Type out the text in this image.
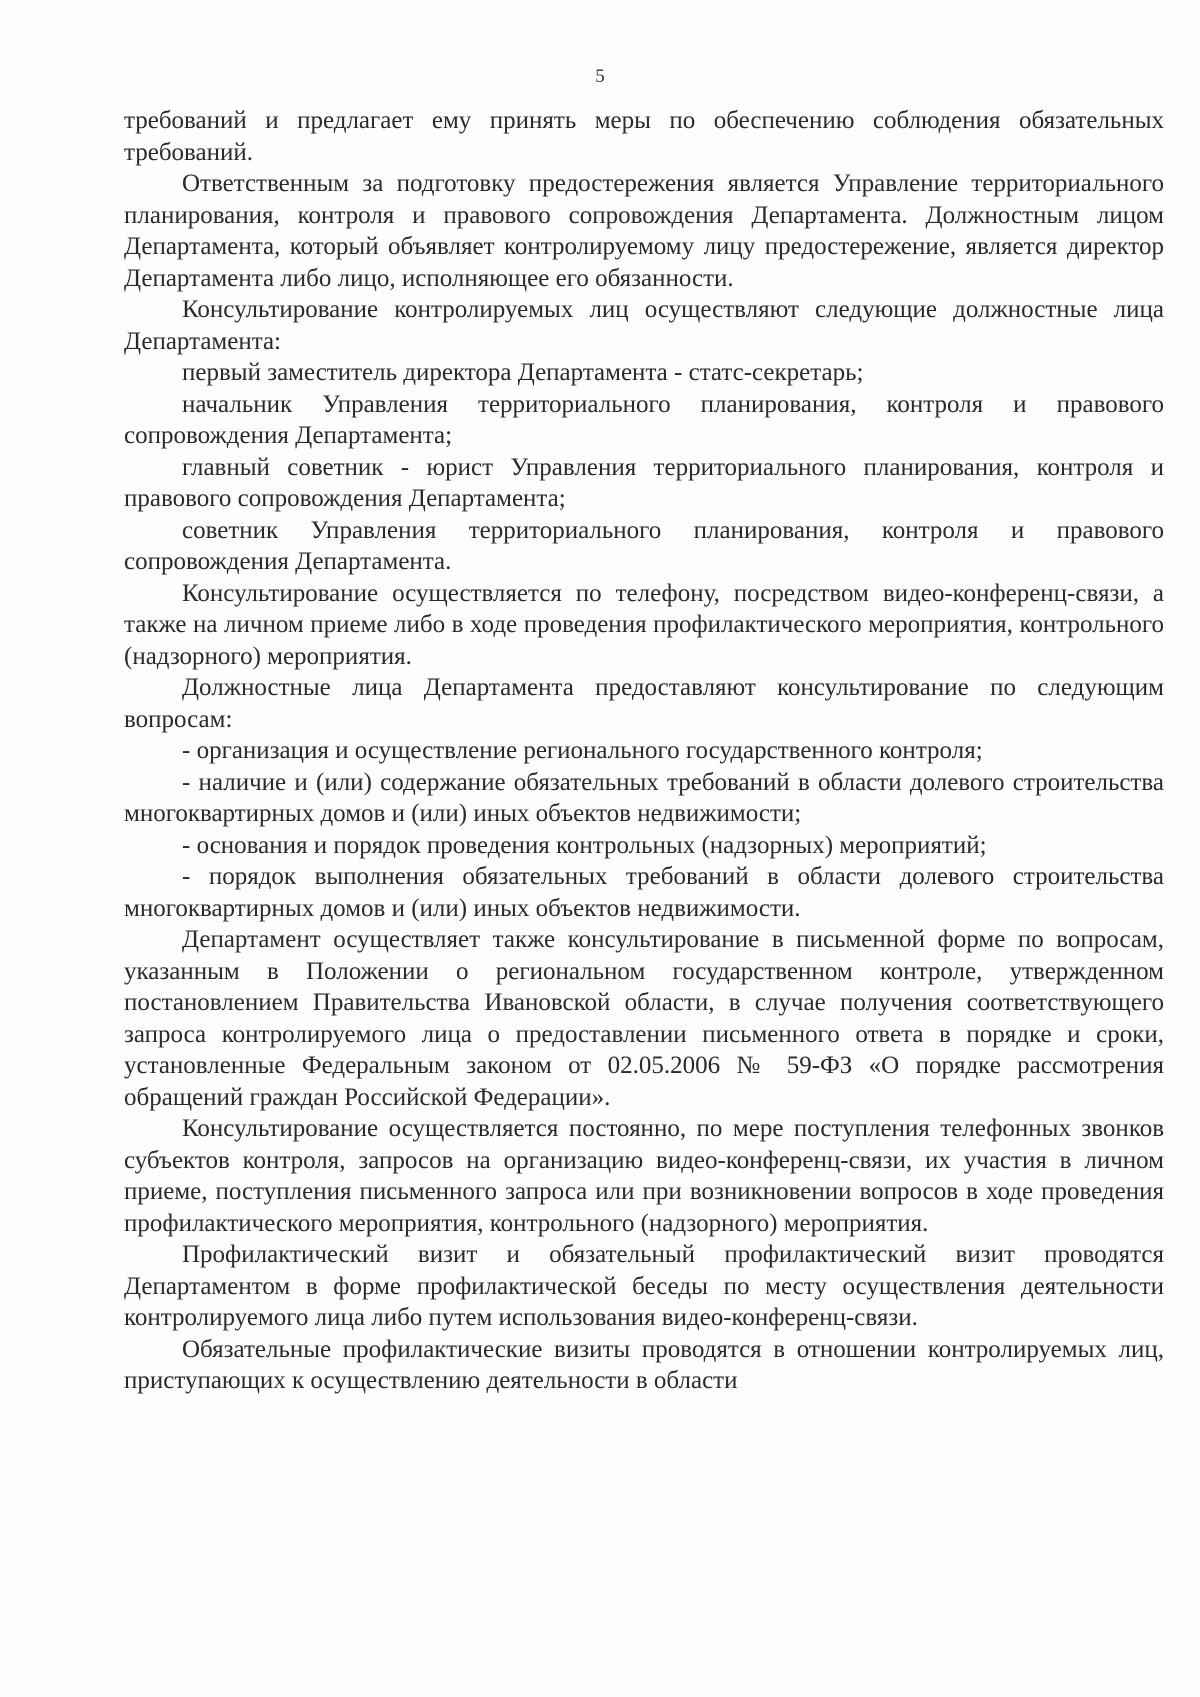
5

требований и предлагает ему принять меры по обеспечению соблюдения обязательных требований.

Ответственным за подготовку предостережения является Управление территориального планирования, контроля и правового сопровождения Департамента. Должностным лицом Департамента, который объявляет контролируемому лицу предостережение, является директор Департамента либо лицо, исполняющее его обязанности.

Консультирование контролируемых лиц осуществляют следующие должностные лица Департамента:

первый заместитель директора Департамента - статс-секретарь;

начальник Управления территориального планирования, контроля и правового сопровождения Департамента;

главный советник - юрист Управления территориального планирования, контроля и правового сопровождения Департамента;

советник Управления территориального планирования, контроля и правового сопровождения Департамента.

Консультирование осуществляется по телефону, посредством видео-конференц-связи, а также на личном приеме либо в ходе проведения профилактического мероприятия, контрольного (надзорного) мероприятия.

Должностные лица Департамента предоставляют консультирование по следующим вопросам:

- организация и осуществление регионального государственного контроля;

- наличие и (или) содержание обязательных требований в области долевого строительства многоквартирных домов и (или) иных объектов недвижимости;

- основания и порядок проведения контрольных (надзорных) мероприятий;

- порядок выполнения обязательных требований в области долевого строительства многоквартирных домов и (или) иных объектов недвижимости.

Департамент осуществляет также консультирование в письменной форме по вопросам, указанным в Положении о региональном государственном контроле, утвержденном постановлением Правительства Ивановской области, в случае получения соответствующего запроса контролируемого лица о предоставлении письменного ответа в порядке и сроки, установленные Федеральным законом от 02.05.2006 № 59-ФЗ «О порядке рассмотрения обращений граждан Российской Федерации».

Консультирование осуществляется постоянно, по мере поступления телефонных звонков субъектов контроля, запросов на организацию видео-конференц-связи, их участия в личном приеме, поступления письменного запроса или при возникновении вопросов в ходе проведения профилактического мероприятия, контрольного (надзорного) мероприятия.

Профилактический визит и обязательный профилактический визит проводятся Департаментом в форме профилактической беседы по месту осуществления деятельности контролируемого лица либо путем использования видео-конференц-связи.

Обязательные профилактические визиты проводятся в отношении контролируемых лиц, приступающих к осуществлению деятельности в области
